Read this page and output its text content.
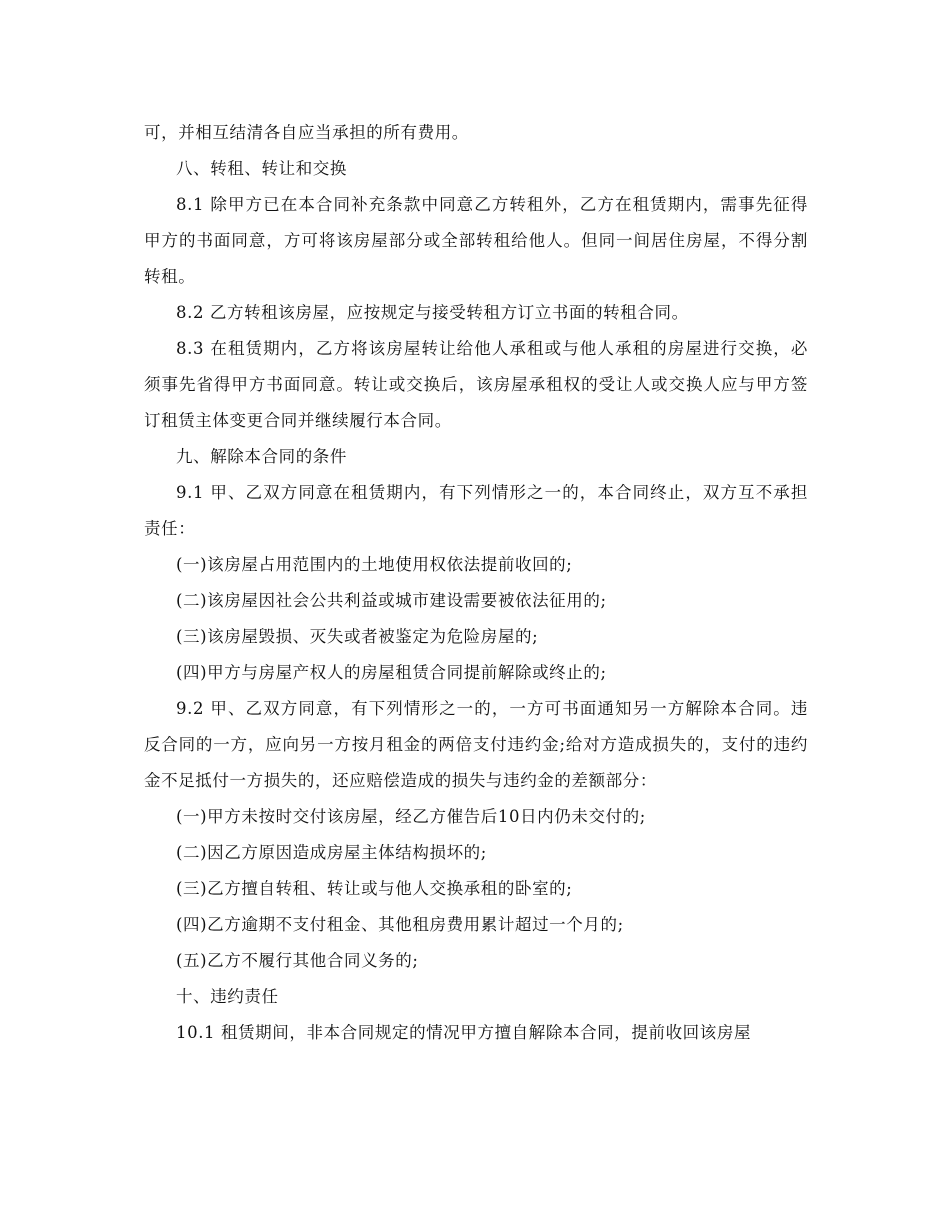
可，并相互结清各自应当承担的所有费用。

八、转租、转让和交换

8.1 除甲方已在本合同补充条款中同意乙方转租外，乙方在租赁期内，需事先征得甲方的书面同意，方可将该房屋部分或全部转租给他人。但同一间居住房屋，不得分割转租。

8.2 乙方转租该房屋，应按规定与接受转租方订立书面的转租合同。

8.3 在租赁期内，乙方将该房屋转让给他人承租或与他人承租的房屋进行交换，必须事先省得甲方书面同意。转让或交换后，该房屋承租权的受让人或交换人应与甲方签订租赁主体变更合同并继续履行本合同。

九、解除本合同的条件

9.1 甲、乙双方同意在租赁期内，有下列情形之一的，本合同终止，双方互不承担责任：

(一)该房屋占用范围内的土地使用权依法提前收回的;

(二)该房屋因社会公共利益或城市建设需要被依法征用的;

(三)该房屋毁损、灭失或者被鉴定为危险房屋的;

(四)甲方与房屋产权人的房屋租赁合同提前解除或终止的;

9.2 甲、乙双方同意，有下列情形之一的，一方可书面通知另一方解除本合同。违反合同的一方，应向另一方按月租金的两倍支付违约金;给对方造成损失的，支付的违约金不足抵付一方损失的，还应赔偿造成的损失与违约金的差额部分：

(一)甲方未按时交付该房屋，经乙方催告后10日内仍未交付的;

(二)因乙方原因造成房屋主体结构损坏的;

(三)乙方擅自转租、转让或与他人交换承租的卧室的;

(四)乙方逾期不支付租金、其他租房费用累计超过一个月的;

(五)乙方不履行其他合同义务的;

十、违约责任

10.1 租赁期间，非本合同规定的情况甲方擅自解除本合同，提前收回该房屋
